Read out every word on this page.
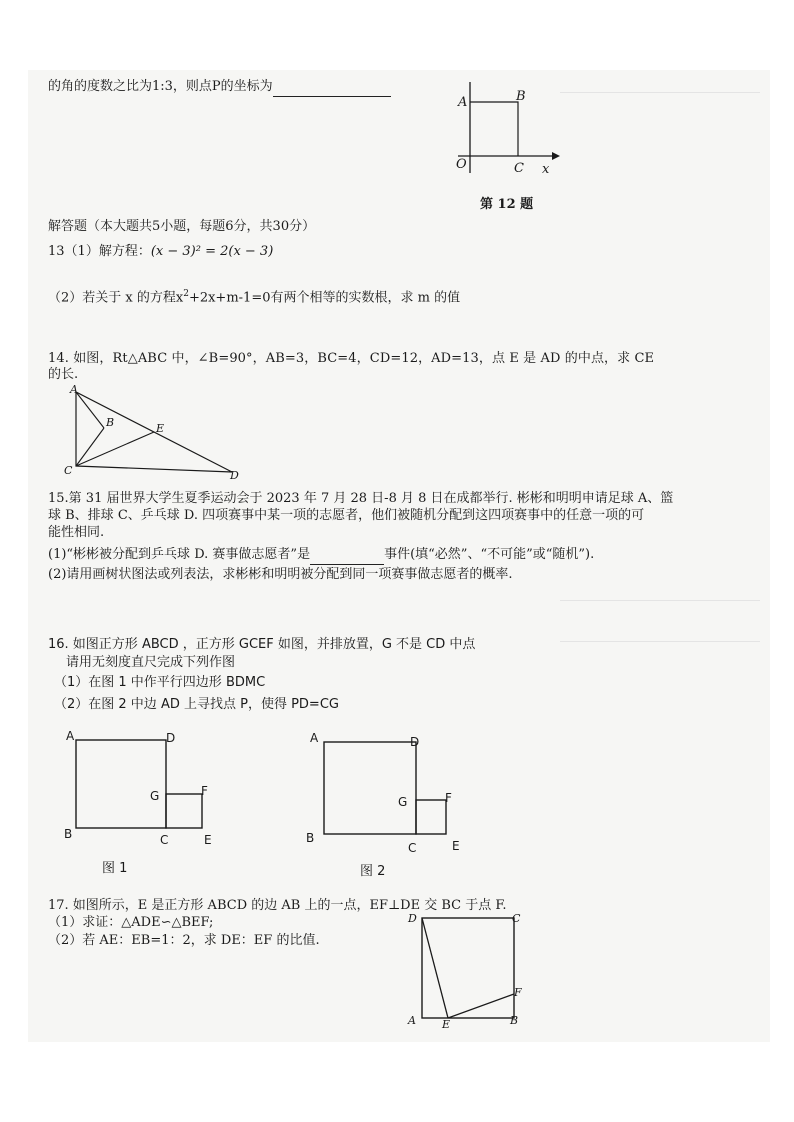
的角的度数之比为1:3，则点P的坐标为
A	B
O	C x
第 12 题
解答题（本大题共5小题，每题6分，共30分）
13（1）解方程：(x − 3)² = 2(x − 3)
（2）若关于 x 的方程$x^2+2x+m-1=0$有两个相等的实数根，求 m 的值
14. 如图，Rt△ABC 中，∠B=90°，AB=3，BC=4，CD=12，AD=13，点 E 是 AD 的中点，求 CE
的长.
A
B	E
C	D
15.第 31 届世界大学生夏季运动会于 2023 年 7 月 28 日-8 月 8 日在成都举行. 彬彬和明明申请足球 A、篮
球 B、排球 C、乒乓球 D. 四项赛事中某一项的志愿者，他们被随机分配到这四项赛事中的任意一项的可
能性相同.
(1)“彬彬被分配到乒乓球 D. 赛事做志愿者”是	事件(填“必然”、“不可能”或“随机”).
(2)请用画树状图法或列表法，求彬彬和明明被分配到同一项赛事做志愿者的概率.
16. 如图正方形 ABCD ，正方形 GCEF 如图，并排放置，G 不是 CD 中点
请用无刻度直尺完成下列作图
（1）在图 1 中作平行四边形 BDMC
（2）在图 2 中边 AD 上寻找点 P，使得 PD=CG
A	D
G	F
B	C	E
图 1
A	D
G	F
B
C	E
图 2
17. 如图所示，E 是正方形 ABCD 的边 AB 上的一点，EF⊥DE 交 BC 于点 F.
（1）求证：△ADE∽△BEF;
（2）若 AE：EB=1：2，求 DE：EF 的比值.
D	C
F
A E	B
